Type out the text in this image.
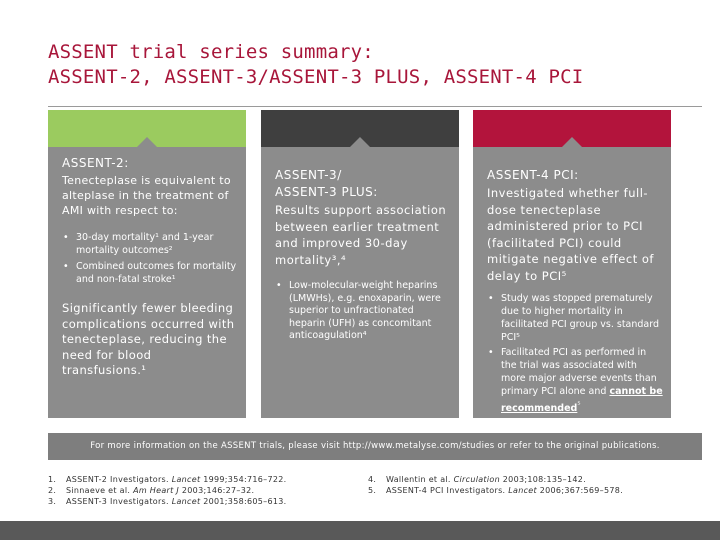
ASSENT trial series summary:
ASSENT-2, ASSENT-3/ASSENT-3 PLUS, ASSENT-4 PCI
ASSENT-2:
Tenecteplase is equivalent to alteplase in the treatment of AMI with respect to:
• 30-day mortality¹ and 1-year mortality outcomes²
• Combined outcomes for mortality and non-fatal stroke¹
Significantly fewer bleeding complications occurred with tenecteplase, reducing the need for blood transfusions.¹
ASSENT-3/
ASSENT-3 PLUS:
Results support association between earlier treatment and improved 30-day mortality³,⁴
• Low-molecular-weight heparins (LMWHs), e.g. enoxaparin, were superior to unfractionated heparin (UFH) as concomitant anticoagulation⁴
ASSENT-4 PCI:
Investigated whether full-dose tenecteplase administered prior to PCI (facilitated PCI) could mitigate negative effect of delay to PCI⁵
• Study was stopped prematurely due to higher mortality in facilitated PCI group vs. standard PCI⁵
• Facilitated PCI as performed in the trial was associated with more major adverse events than primary PCI alone and cannot be recommended$^{^5}$
For more information on the ASSENT trials, please visit http://www.metalyse.com/studies or refer to the original publications.
1. ASSENT-2 Investigators. Lancet 1999;354:716–722.
2. Sinnaeve et al. Am Heart J 2003;146:27–32.
3. ASSENT-3 Investigators. Lancet 2001;358:605–613.
4. Wallentin et al. Circulation 2003;108:135–142.
5. ASSENT-4 PCI Investigators. Lancet 2006;367:569–578.
